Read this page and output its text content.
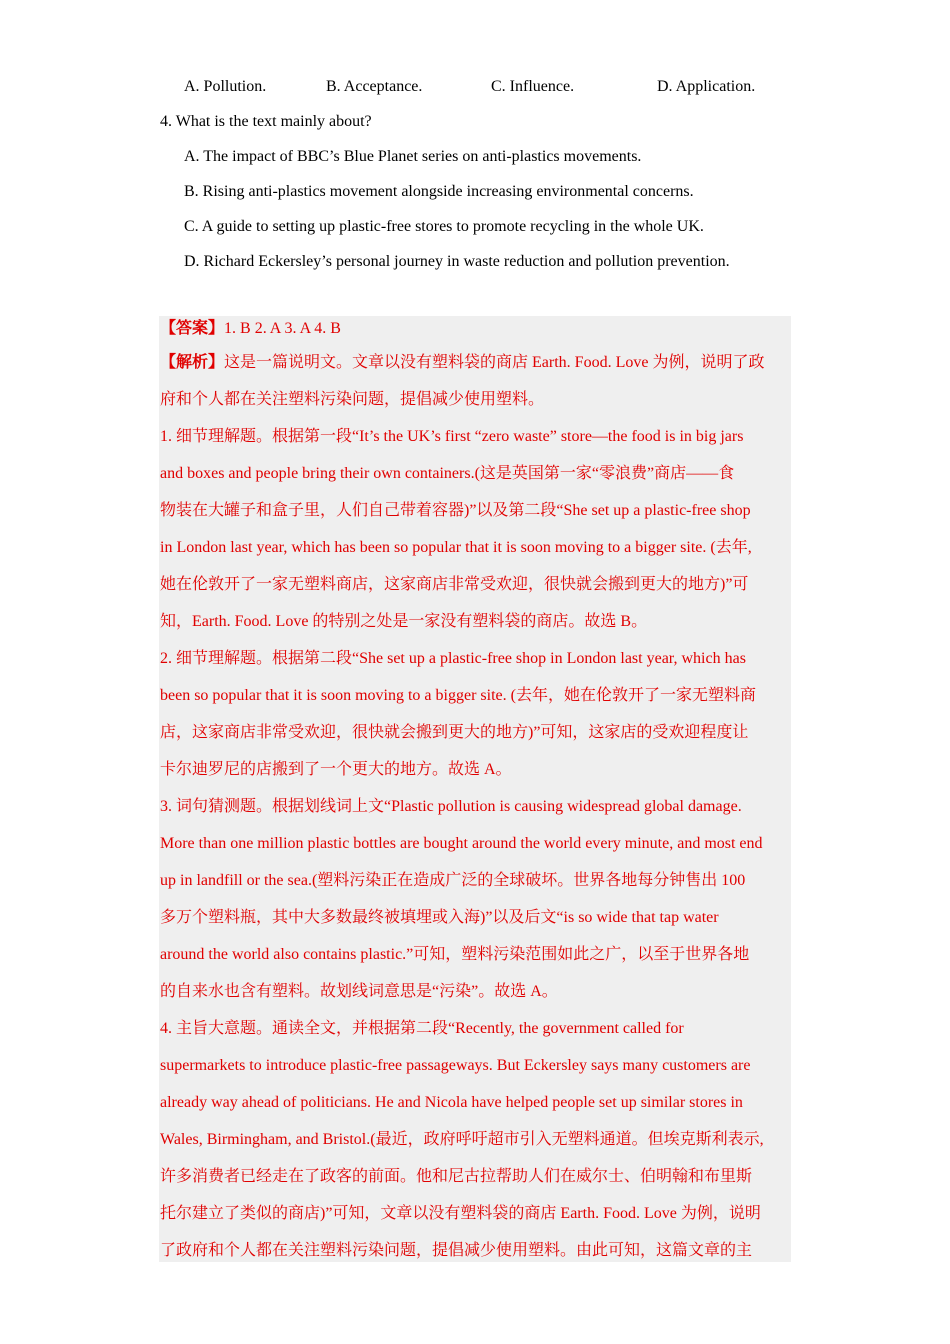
A. Pollution.	B. Acceptance.	C. Influence.	D. Application.
4. What is the text mainly about?
A. The impact of BBC’s Blue Planet series on anti-plastics movements.
B. Rising anti-plastics movement alongside increasing environmental concerns.
C. A guide to setting up plastic-free stores to promote recycling in the whole UK.
D. Richard Eckersley’s personal journey in waste reduction and pollution prevention.
【答案】1. B 2. A 3. A 4. B
【解析】这是一篇说明文。文章以没有塑料袋的商店 Earth. Food. Love 为例，说明了政
府和个人都在关注塑料污染问题，提倡减少使用塑料。
1. 细节理解题。根据第一段“It’s the UK’s first “zero waste” store—the food is in big jars
and boxes and people bring their own containers.(这是英国第一家“零浪费”商店——食
物装在大罐子和盒子里，人们自己带着容器)”以及第二段“She set up a plastic-free shop
in London last year, which has been so popular that it is soon moving to a bigger site. (去年,
她在伦敦开了一家无塑料商店，这家商店非常受欢迎，很快就会搬到更大的地方)”可
知，Earth. Food. Love 的特别之处是一家没有塑料袋的商店。故选 B。
2. 细节理解题。根据第二段“She set up a plastic-free shop in London last year, which has
been so popular that it is soon moving to a bigger site. (去年，她在伦敦开了一家无塑料商
店，这家商店非常受欢迎，很快就会搬到更大的地方)”可知，这家店的受欢迎程度让
卡尔迪罗尼的店搬到了一个更大的地方。故选 A。
3. 词句猜测题。根据划线词上文“Plastic pollution is causing widespread global damage.
More than one million plastic bottles are bought around the world every minute, and most end
up in landfill or the sea.(塑料污染正在造成广泛的全球破坏。世界各地每分钟售出 100
多万个塑料瓶，其中大多数最终被填埋或入海)”以及后文“is so wide that tap water
around the world also contains plastic.”可知，塑料污染范围如此之广，以至于世界各地
的自来水也含有塑料。故划线词意思是“污染”。故选 A。
4. 主旨大意题。通读全文，并根据第二段“Recently, the government called for
supermarkets to introduce plastic-free passageways. But Eckersley says many customers are
already way ahead of politicians. He and Nicola have helped people set up similar stores in
Wales, Birmingham, and Bristol.(最近，政府呼吁超市引入无塑料通道。但埃克斯利表示,
许多消费者已经走在了政客的前面。他和尼古拉帮助人们在威尔士、伯明翰和布里斯
托尔建立了类似的商店)”可知，文章以没有塑料袋的商店 Earth. Food. Love 为例，说明
了政府和个人都在关注塑料污染问题，提倡减少使用塑料。由此可知，这篇文章的主
